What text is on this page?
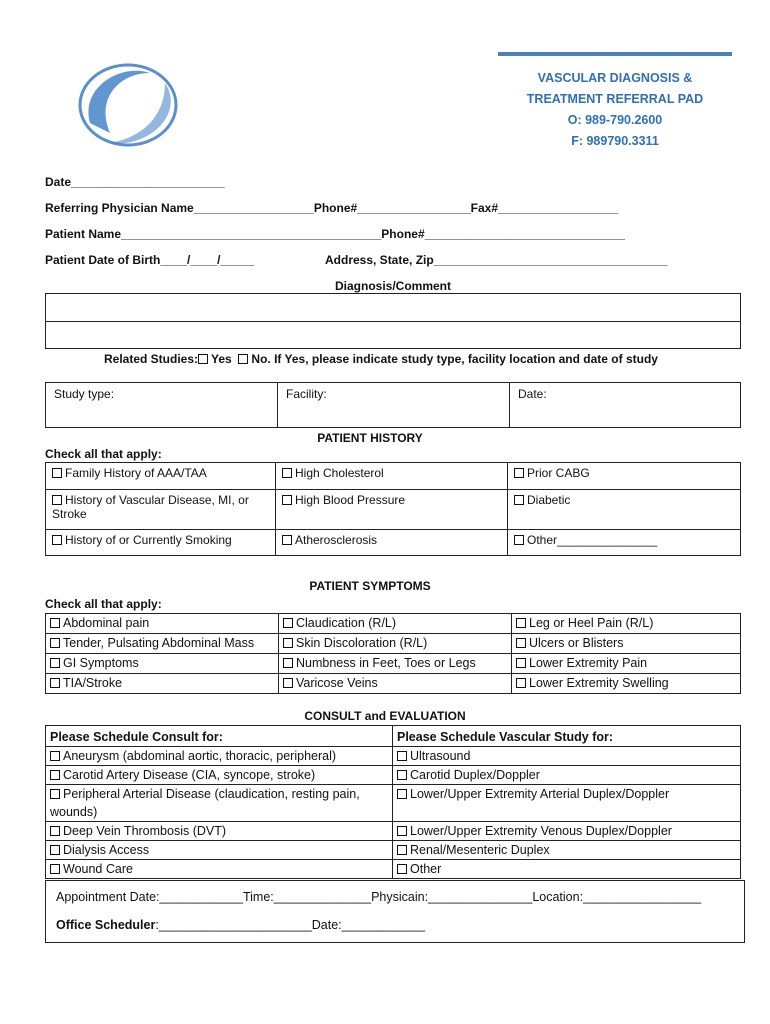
mmvs
VASCULAR DIAGNOSIS &
TREATMENT REFERRAL PAD
O: 989-790.2600
F: 989790.3311
Date_______________________
Referring Physician Name__________________Phone#_________________Fax#__________________
Patient Name_______________________________________Phone#______________________________
Patient Date of Birth____/____/_____	Address, State, Zip___________________________________
Diagnosis/Comment
Related Studies: Yes No. If Yes, please indicate study type, facility location and date of study
Study type:	Facility:	Date:
PATIENT HISTORY
Check all that apply:
Family History of AAA/TAA	High Cholesterol	Prior CABG
History of Vascular Disease, MI, or Stroke	High Blood Pressure	Diabetic
History of or Currently Smoking	Atherosclerosis	Other_______________
PATIENT SYMPTOMS
Check all that apply:
Abdominal pain	Claudication (R/L)	Leg or Heel Pain (R/L)
Tender, Pulsating Abdominal Mass	Skin Discoloration (R/L)	Ulcers or Blisters
GI Symptoms	Numbness in Feet, Toes or Legs	Lower Extremity Pain
TIA/Stroke	Varicose Veins	Lower Extremity Swelling
CONSULT and EVALUATION
Please Schedule Consult for:	Please Schedule Vascular Study for:
Aneurysm (abdominal aortic, thoracic, peripheral)	Ultrasound
Carotid Artery Disease (CIA, syncope, stroke)	Carotid Duplex/Doppler
Peripheral Arterial Disease (claudication, resting pain, wounds)	Lower/Upper Extremity Arterial Duplex/Doppler
Deep Vein Thrombosis (DVT)	Lower/Upper Extremity Venous Duplex/Doppler
Dialysis Access	Renal/Mesenteric Duplex
Wound Care	Other
Appointment Date:____________Time:______________Physicain:_______________Location:_________________
Office Scheduler:______________________Date:____________
